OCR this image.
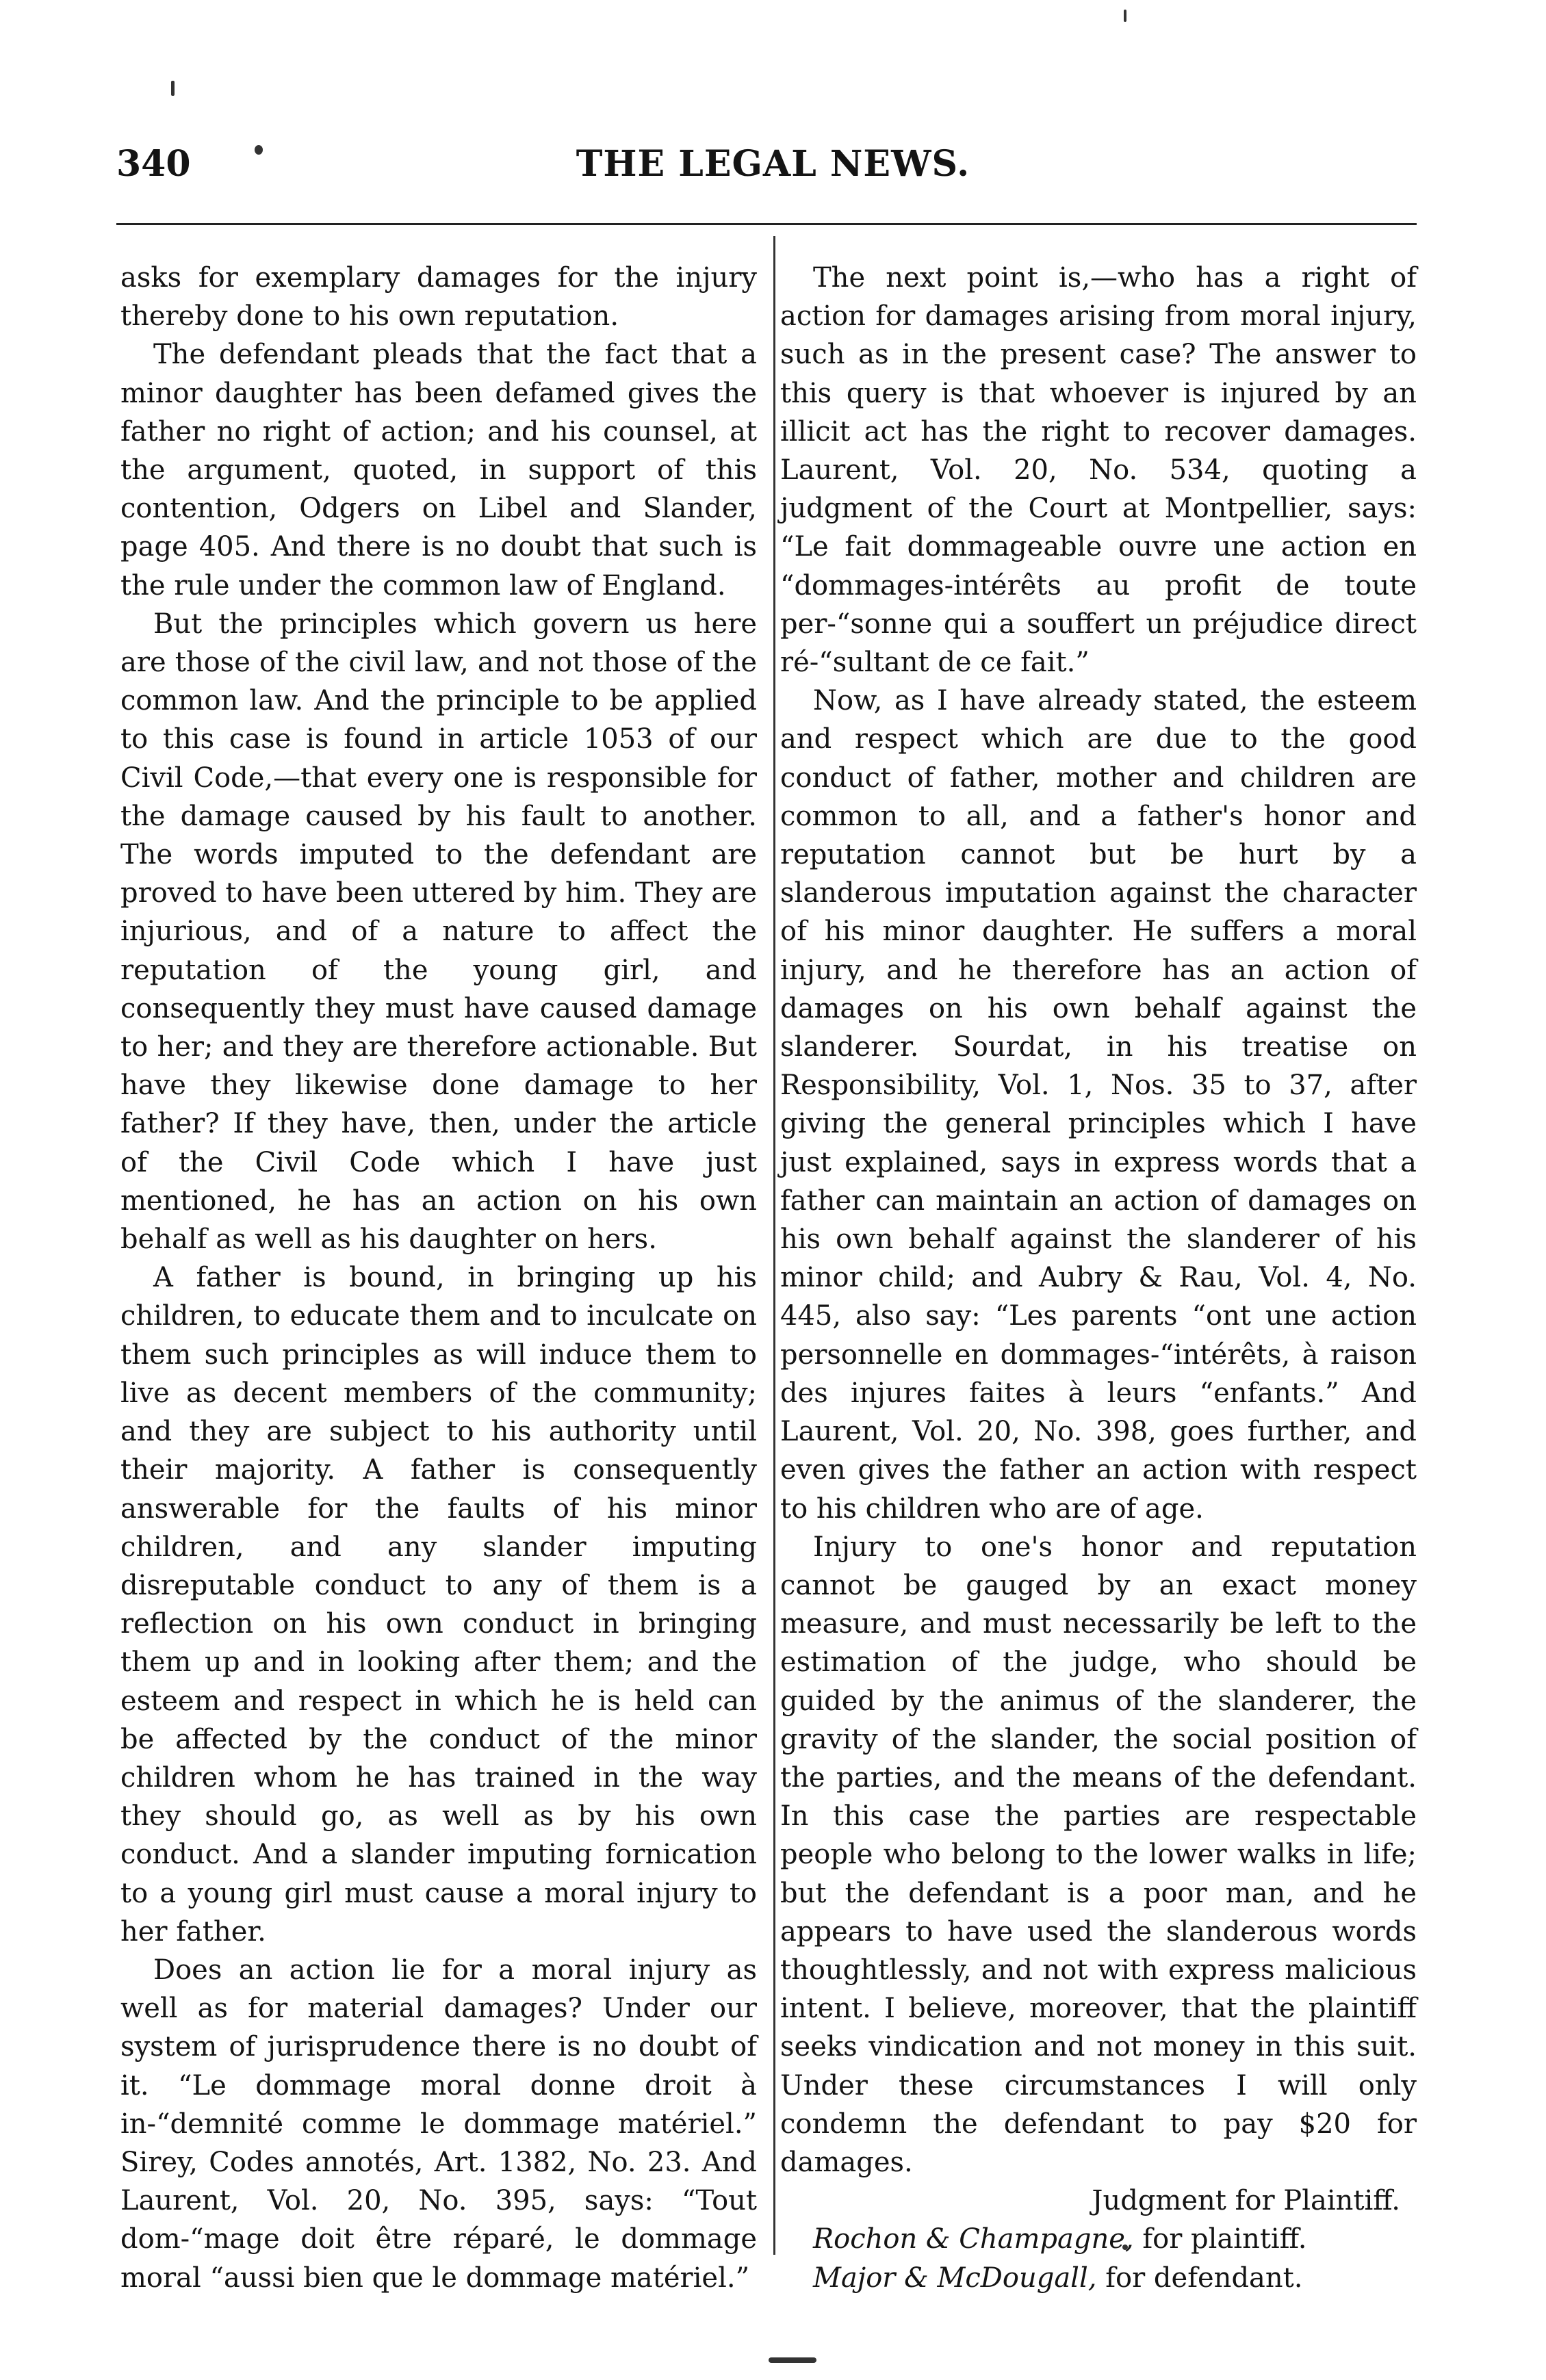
340	THE LEGAL NEWS.

asks for exemplary damages for the injury thereby done to his own reputation.

The defendant pleads that the fact that a minor daughter has been defamed gives the father no right of action; and his counsel, at the argument, quoted, in support of this contention, Odgers on Libel and Slander, page 405. And there is no doubt that such is the rule under the common law of England.

But the principles which govern us here are those of the civil law, and not those of the common law. And the principle to be applied to this case is found in article 1053 of our Civil Code,—that every one is responsible for the damage caused by his fault to another. The words imputed to the defendant are proved to have been uttered by him. They are injurious, and of a nature to affect the reputation of the young girl, and consequently they must have caused damage to her; and they are therefore actionable. But have they likewise done damage to her father? If they have, then, under the article of the Civil Code which I have just mentioned, he has an action on his own behalf as well as his daughter on hers.

A father is bound, in bringing up his children, to educate them and to inculcate on them such principles as will induce them to live as decent members of the community; and they are subject to his authority until their majority. A father is consequently answerable for the faults of his minor children, and any slander imputing disreputable conduct to any of them is a reflection on his own conduct in bringing them up and in looking after them; and the esteem and respect in which he is held can be affected by the conduct of the minor children whom he has trained in the way they should go, as well as by his own conduct. And a slander imputing fornication to a young girl must cause a moral injury to her father.

Does an action lie for a moral injury as well as for material damages? Under our system of jurisprudence there is no doubt of it. “Le dommage moral donne droit à in-“demnité comme le dommage matériel.” Sirey, Codes annotés, Art. 1382, No. 23. And Laurent, Vol. 20, No. 395, says: “Tout dom-“mage doit être réparé, le dommage moral “aussi bien que le dommage matériel.”

The next point is,—who has a right of action for damages arising from moral injury, such as in the present case? The answer to this query is that whoever is injured by an illicit act has the right to recover damages. Laurent, Vol. 20, No. 534, quoting a judgment of the Court at Montpellier, says: “Le fait dommageable ouvre une action en “dommages-intérêts au profit de toute per-“sonne qui a souffert un préjudice direct ré-“sultant de ce fait.”

Now, as I have already stated, the esteem and respect which are due to the good conduct of father, mother and children are common to all, and a father's honor and reputation cannot but be hurt by a slanderous imputation against the character of his minor daughter. He suffers a moral injury, and he therefore has an action of damages on his own behalf against the slanderer. Sourdat, in his treatise on Responsibility, Vol. 1, Nos. 35 to 37, after giving the general principles which I have just explained, says in express words that a father can maintain an action of damages on his own behalf against the slanderer of his minor child; and Aubry & Rau, Vol. 4, No. 445, also say: “Les parents “ont une action personnelle en dommages-“intérêts, à raison des injures faites à leurs “enfants.” And Laurent, Vol. 20, No. 398, goes further, and even gives the father an action with respect to his children who are of age.

Injury to one's honor and reputation cannot be gauged by an exact money measure, and must necessarily be left to the estimation of the judge, who should be guided by the animus of the slanderer, the gravity of the slander, the social position of the parties, and the means of the defendant. In this case the parties are respectable people who belong to the lower walks in life; but the defendant is a poor man, and he appears to have used the slanderous words thoughtlessly, and not with express malicious intent. I believe, moreover, that the plaintiff seeks vindication and not money in this suit. Under these circumstances I will only condemn the defendant to pay $20 for damages.

Judgment for Plaintiff.

Rochon & Champagne, for plaintiff.

Major & McDougall, for defendant.
